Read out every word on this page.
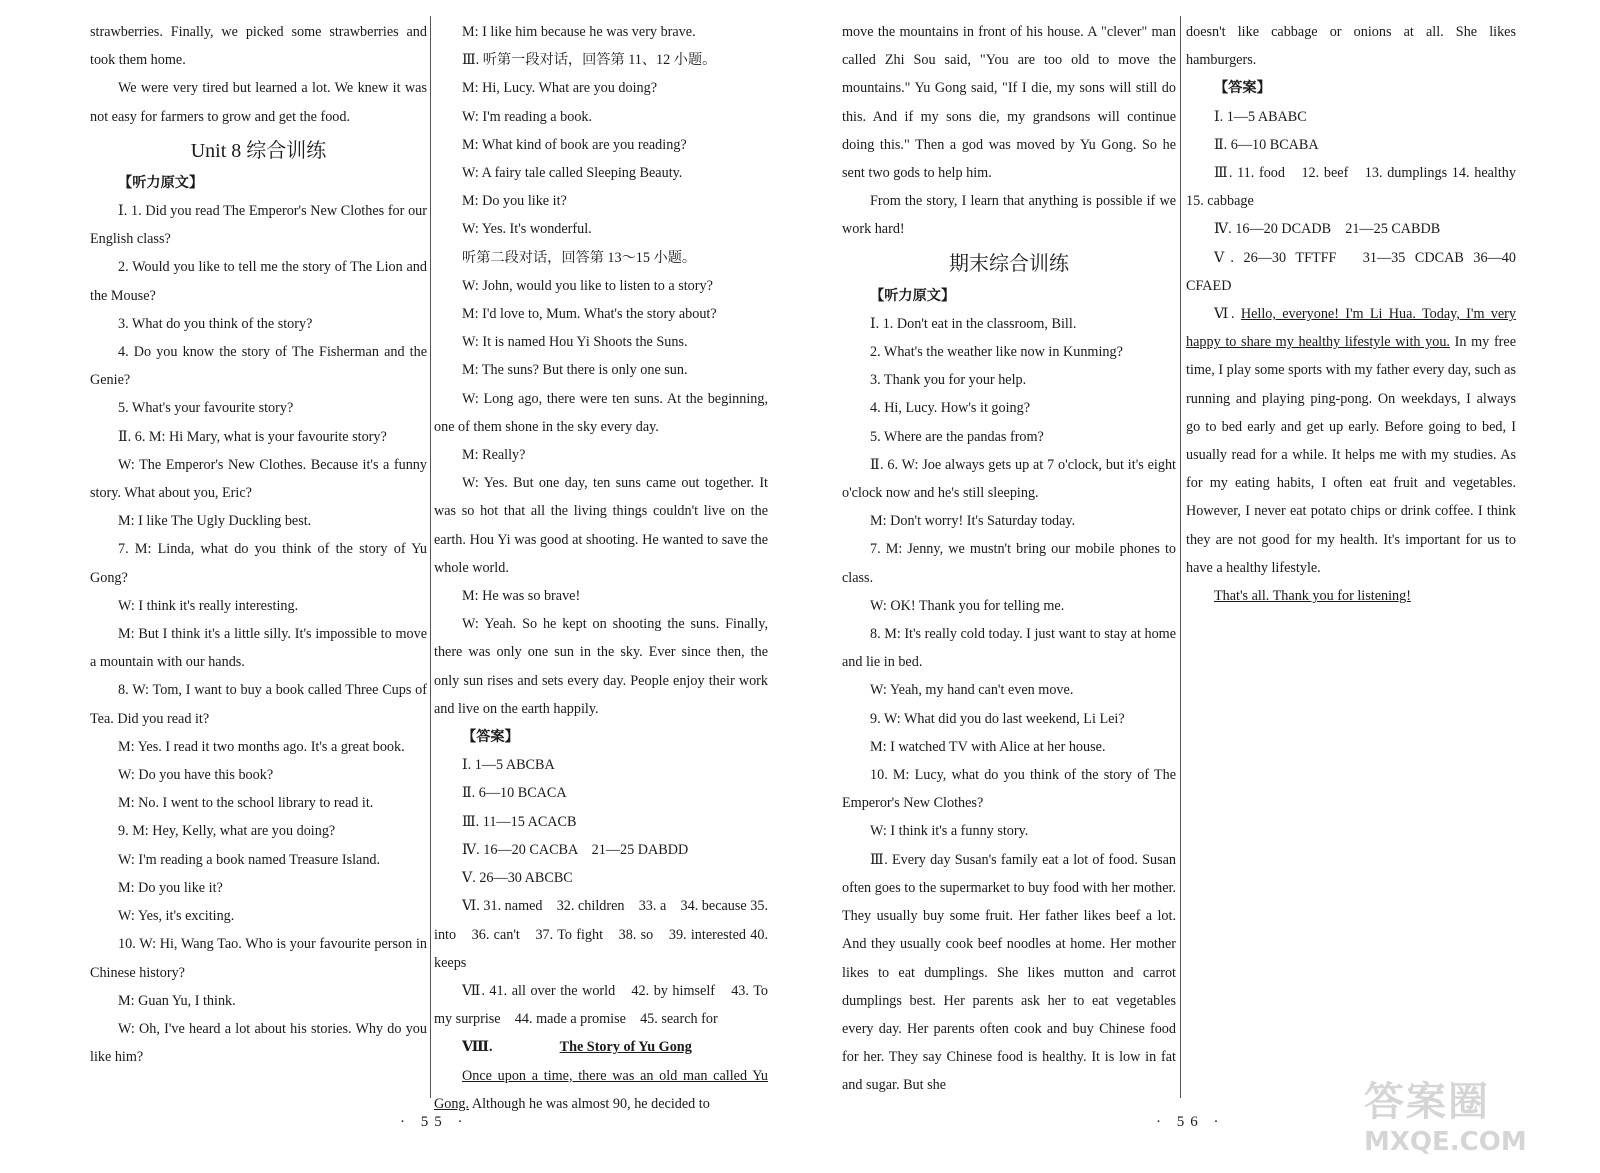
strawberries. Finally, we picked some strawberries and took them home.

We were very tired but learned a lot. We knew it was not easy for farmers to grow and get the food.

Unit 8 综合训练

【听力原文】

Ⅰ. 1. Did you read The Emperor's New Clothes for our English class?

2. Would you like to tell me the story of The Lion and the Mouse?

3. What do you think of the story?

4. Do you know the story of The Fisherman and the Genie?

5. What's your favourite story?

Ⅱ. 6. M: Hi Mary, what is your favourite story?

W: The Emperor's New Clothes. Because it's a funny story. What about you, Eric?

M: I like The Ugly Duckling best.

7. M: Linda, what do you think of the story of Yu Gong?

W: I think it's really interesting.

M: But I think it's a little silly. It's impossible to move a mountain with our hands.

8. W: Tom, I want to buy a book called Three Cups of Tea. Did you read it?

M: Yes. I read it two months ago. It's a great book.

W: Do you have this book?

M: No. I went to the school library to read it.

9. M: Hey, Kelly, what are you doing?

W: I'm reading a book named Treasure Island.

M: Do you like it?

W: Yes, it's exciting.

10. W: Hi, Wang Tao. Who is your favourite person in Chinese history?

M: Guan Yu, I think.

W: Oh, I've heard a lot about his stories. Why do you like him?

M: I like him because he was very brave.

Ⅲ. 听第一段对话，回答第 11、12 小题。

M: Hi, Lucy. What are you doing?

W: I'm reading a book.

M: What kind of book are you reading?

W: A fairy tale called Sleeping Beauty.

M: Do you like it?

W: Yes. It's wonderful.

听第二段对话，回答第 13～15 小题。

W: John, would you like to listen to a story?

M: I'd love to, Mum. What's the story about?

W: It is named Hou Yi Shoots the Suns.

M: The suns? But there is only one sun.

W: Long ago, there were ten suns. At the beginning, one of them shone in the sky every day.

M: Really?

W: Yes. But one day, ten suns came out together. It was so hot that all the living things couldn't live on the earth. Hou Yi was good at shooting. He wanted to save the whole world.

M: He was so brave!

W: Yeah. So he kept on shooting the suns. Finally, there was only one sun in the sky. Ever since then, the only sun rises and sets every day. People enjoy their work and live on the earth happily.

【答案】

Ⅰ. 1—5 ABCBA

Ⅱ. 6—10 BCACA

Ⅲ. 11—15 ACACB

Ⅳ. 16—20 CACBA　21—25 DABDD

Ⅴ. 26—30 ABCBC

Ⅵ. 31. named　32. children　33. a　34. because 35. into　36. can't　37. To fight　38. so　39. interested 40. keeps

Ⅶ. 41. all over the world　42. by himself　43. To my surprise　44. made a promise　45. search for

Ⅷ.	The Story of Yu Gong

Once upon a time, there was an old man called Yu Gong. Although he was almost 90, he decided to

move the mountains in front of his house. A "clever" man called Zhi Sou said, "You are too old to move the mountains." Yu Gong said, "If I die, my sons will still do this. And if my sons die, my grandsons will continue doing this." Then a god was moved by Yu Gong. So he sent two gods to help him.

From the story, I learn that anything is possible if we work hard!

期末综合训练

【听力原文】

Ⅰ. 1. Don't eat in the classroom, Bill.

2. What's the weather like now in Kunming?

3. Thank you for your help.

4. Hi, Lucy. How's it going?

5. Where are the pandas from?

Ⅱ. 6. W: Joe always gets up at 7 o'clock, but it's eight o'clock now and he's still sleeping.

M: Don't worry! It's Saturday today.

7. M: Jenny, we mustn't bring our mobile phones to class.

W: OK! Thank you for telling me.

8. M: It's really cold today. I just want to stay at home and lie in bed.

W: Yeah, my hand can't even move.

9. W: What did you do last weekend, Li Lei?

M: I watched TV with Alice at her house.

10. M: Lucy, what do you think of the story of The Emperor's New Clothes?

W: I think it's a funny story.

Ⅲ. Every day Susan's family eat a lot of food. Susan often goes to the supermarket to buy food with her mother. They usually buy some fruit. Her father likes beef a lot. And they usually cook beef noodles at home. Her mother likes to eat dumplings. She likes mutton and carrot dumplings best. Her parents ask her to eat vegetables every day. Her parents often cook and buy Chinese food for her. They say Chinese food is healthy. It is low in fat and sugar. But she

doesn't like cabbage or onions at all. She likes hamburgers.

【答案】

Ⅰ. 1—5 ABABC

Ⅱ. 6—10 BCABA

Ⅲ. 11. food　12. beef　13. dumplings 14. healthy　15. cabbage

Ⅳ. 16—20 DCADB　21—25 CABDB

Ⅴ. 26—30 TFTFF　31—35 CDCAB 36—40 CFAED

Ⅵ. Hello, everyone! I'm Li Hua. Today, I'm very happy to share my healthy lifestyle with you. In my free time, I play some sports with my father every day, such as running and playing ping-pong. On weekdays, I always go to bed early and get up early. Before going to bed, I usually read for a while. It helps me with my studies. As for my eating habits, I often eat fruit and vegetables. However, I never eat potato chips or drink coffee. I think they are not good for my health. It's important for us to have a healthy lifestyle.

That's all. Thank you for listening!

· 55 ·	· 56 ·	答案圈
MXQE.COM
